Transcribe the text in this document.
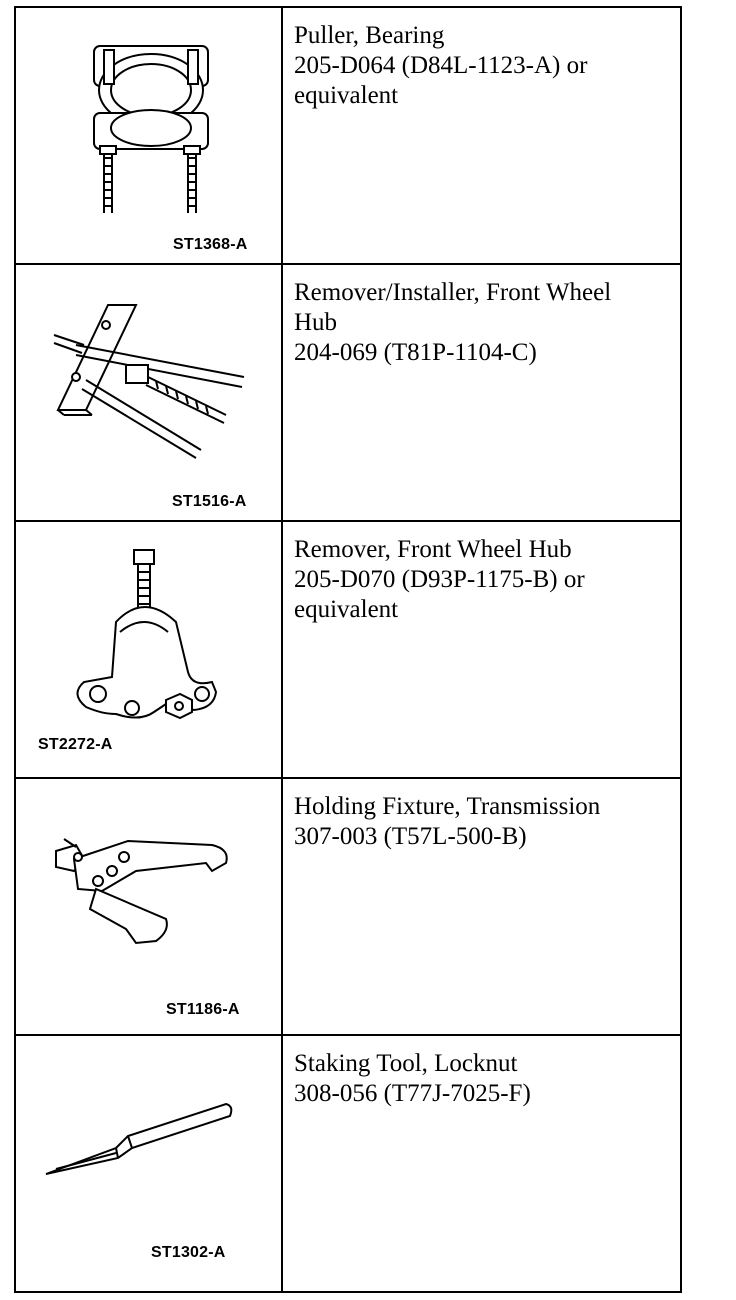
ST1368-A	Puller, Bearing
205-D064 (D84L-1123-A) or
equivalent

ST1516-A	Remover/Installer, Front Wheel
Hub
204-069 (T81P-1104-C)

ST2272-A	Remover, Front Wheel Hub
205-D070 (D93P-1175-B) or
equivalent

ST1186-A	Holding Fixture, Transmission
307-003 (T57L-500-B)

ST1302-A	Staking Tool, Locknut
308-056 (T77J-7025-F)
